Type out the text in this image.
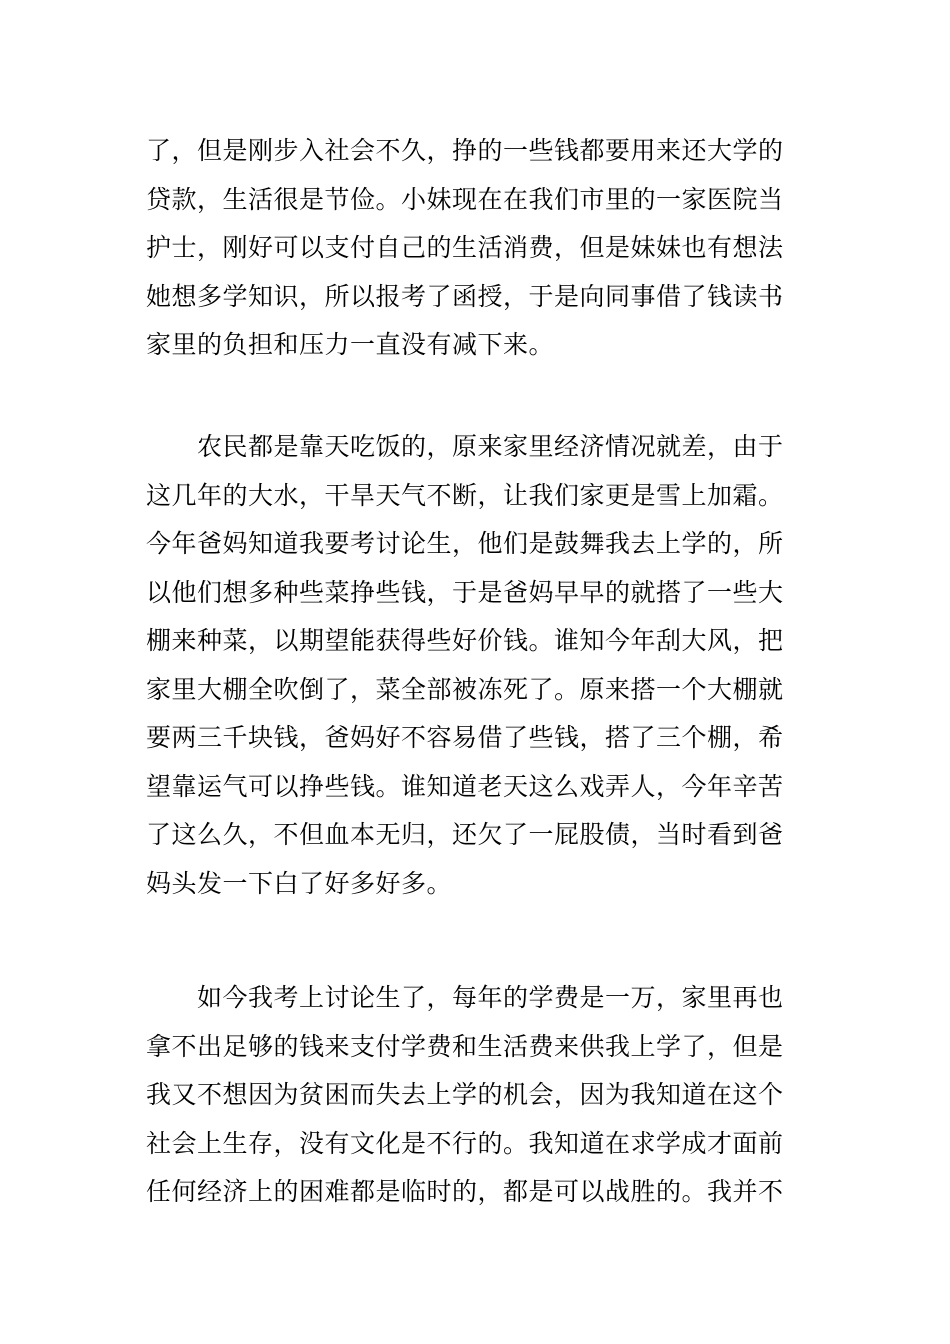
了，但是刚步入社会不久，挣的一些钱都要用来还大学的
贷款，生活很是节俭。小妹现在在我们市里的一家医院当
护士，刚好可以支付自己的生活消费，但是妹妹也有想法
她想多学知识，所以报考了函授，于是向同事借了钱读书
家里的负担和压力一直没有减下来。
　　农民都是靠天吃饭的，原来家里经济情况就差，由于
这几年的大水，干旱天气不断，让我们家更是雪上加霜。
今年爸妈知道我要考讨论生，他们是鼓舞我去上学的，所
以他们想多种些菜挣些钱，于是爸妈早早的就搭了一些大
棚来种菜，以期望能获得些好价钱。谁知今年刮大风，把
家里大棚全吹倒了，菜全部被冻死了。原来搭一个大棚就
要两三千块钱，爸妈好不容易借了些钱，搭了三个棚，希
望靠运气可以挣些钱。谁知道老天这么戏弄人，今年辛苦
了这么久，不但血本无归，还欠了一屁股债，当时看到爸
妈头发一下白了好多好多。
　　如今我考上讨论生了，每年的学费是一万，家里再也
拿不出足够的钱来支付学费和生活费来供我上学了，但是
我又不想因为贫困而失去上学的机会，因为我知道在这个
社会上生存，没有文化是不行的。我知道在求学成才面前
任何经济上的困难都是临时的，都是可以战胜的。我并不
